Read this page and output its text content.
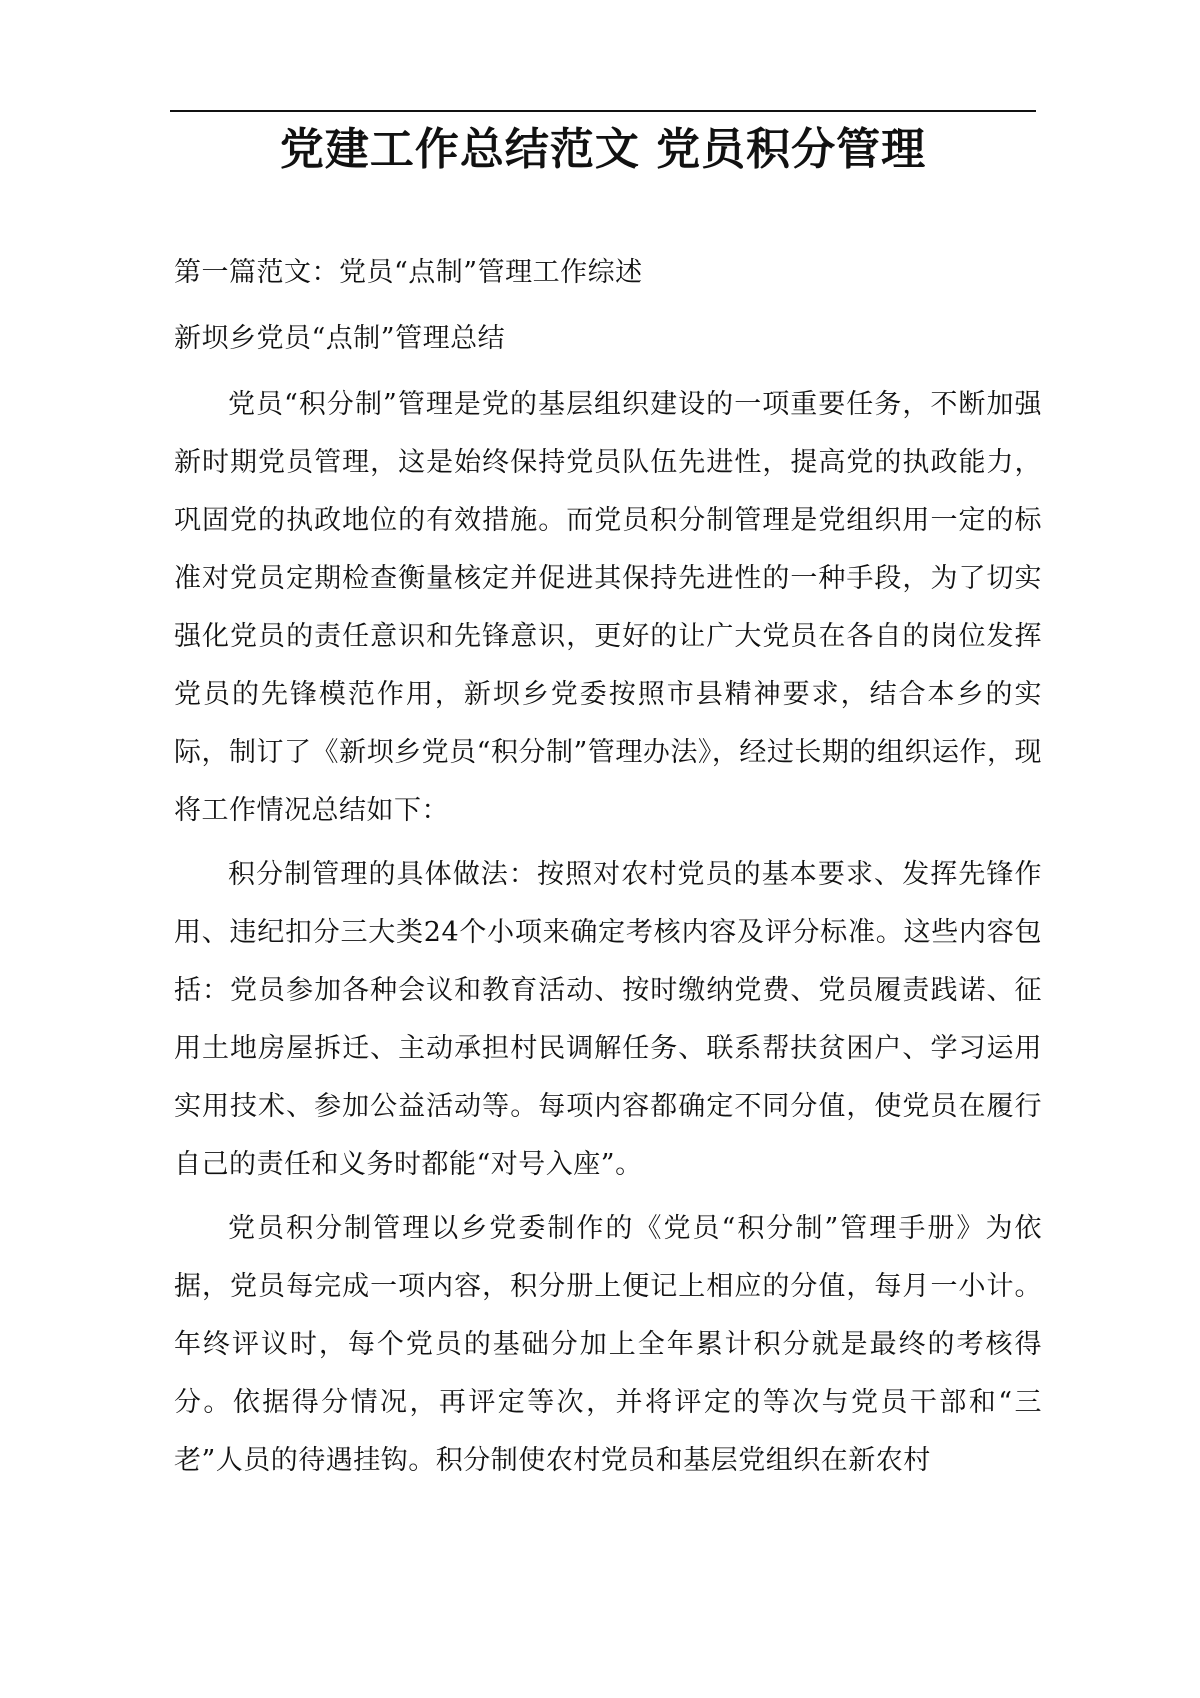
党建工作总结范文 党员积分管理

第一篇范文：党员“点制”管理工作综述

新坝乡党员“点制”管理总结

党员“积分制”管理是党的基层组织建设的一项重要任务，不断加强新时期党员管理，这是始终保持党员队伍先进性，提高党的执政能力，巩固党的执政地位的有效措施。而党员积分制管理是党组织用一定的标准对党员定期检查衡量核定并促进其保持先进性的一种手段，为了切实强化党员的责任意识和先锋意识，更好的让广大党员在各自的岗位发挥党员的先锋模范作用，新坝乡党委按照市县精神要求，结合本乡的实际，制订了《新坝乡党员“积分制”管理办法》，经过长期的组织运作，现将工作情况总结如下：

积分制管理的具体做法：按照对农村党员的基本要求、发挥先锋作用、违纪扣分三大类24个小项来确定考核内容及评分标准。这些内容包括：党员参加各种会议和教育活动、按时缴纳党费、党员履责践诺、征用土地房屋拆迁、主动承担村民调解任务、联系帮扶贫困户、学习运用实用技术、参加公益活动等。每项内容都确定不同分值，使党员在履行自己的责任和义务时都能“对号入座”。

党员积分制管理以乡党委制作的《党员“积分制”管理手册》为依据，党员每完成一项内容，积分册上便记上相应的分值，每月一小计。年终评议时，每个党员的基础分加上全年累计积分就是最终的考核得分。依据得分情况，再评定等次，并将评定的等次与党员干部和“三老”人员的待遇挂钩。积分制使农村党员和基层党组织在新农村
